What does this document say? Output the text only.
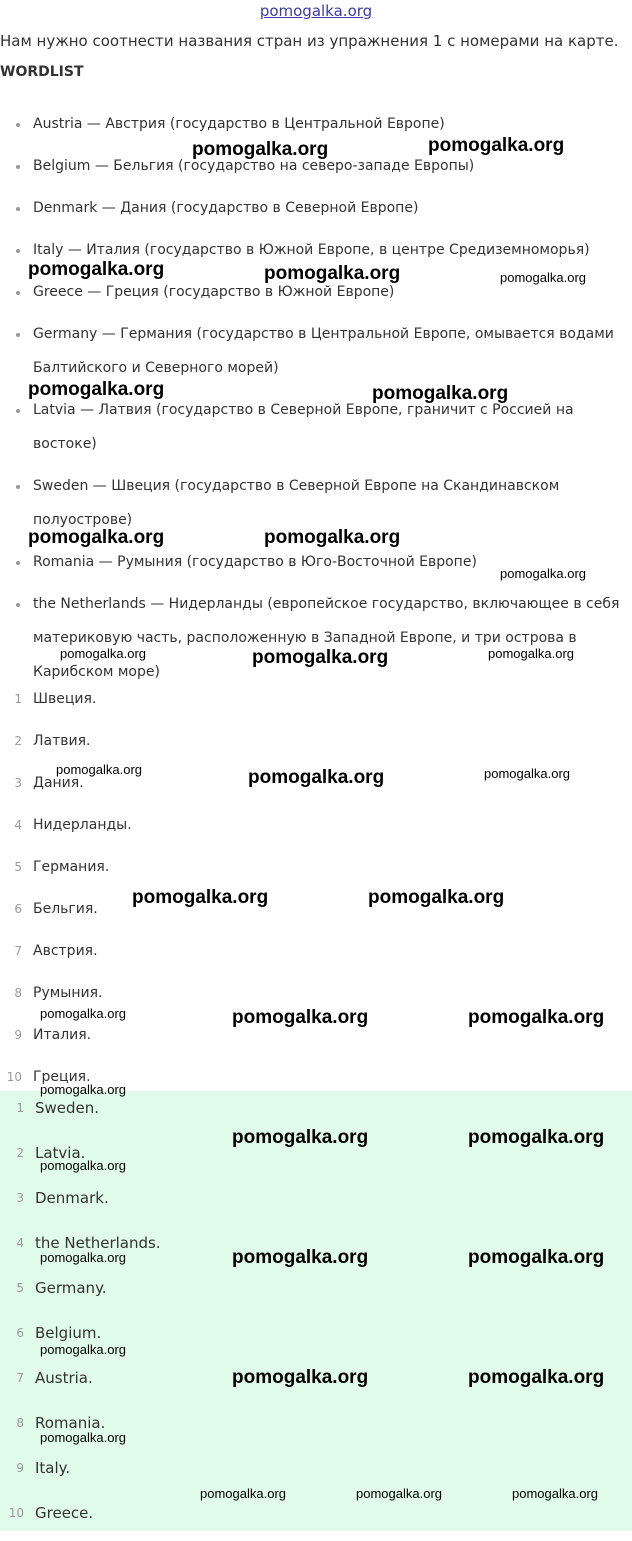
pomogalka.org
Нам нужно соотнести названия стран из упражнения 1 с номерами на карте.
WORDLIST
Austria — Австрия (государство в Центральной Европе)
Belgium — Бельгия (государство на северо-западе Европы)
Denmark — Дания (государство в Северной Европе)
Italy — Италия (государство в Южной Европе, в центре Средиземноморья)
Greece — Греция (государство в Южной Европе)
Germany — Германия (государство в Центральной Европе, омывается водами Балтийского и Северного морей)
Latvia — Латвия (государство в Северной Европе, граничит с Россией на востоке)
Sweden — Швеция (государство в Северной Европе на Скандинавском полуострове)
Romania — Румыния (государство в Юго-Восточной Европе)
the Netherlands — Нидерланды (европейское государство, включающее в себя материковую часть, расположенную в Западной Европе, и три острова в Карибском море)
1 Швеция.
2 Латвия.
3 Дания.
4 Нидерланды.
5 Германия.
6 Бельгия.
7 Австрия.
8 Румыния.
9 Италия.
10 Греция.
1 Sweden.
2 Latvia.
3 Denmark.
4 the Netherlands.
5 Germany.
6 Belgium.
7 Austria.
8 Romania.
9 Italy.
10 Greece.
pomogalka.org	pomogalka.org
pomogalka.org	pomogalka.org	pomogalka.org
pomogalka.org	pomogalka.org
pomogalka.org	pomogalka.org
pomogalka.org
pomogalka.org	pomogalka.org	pomogalka.org
pomogalka.org	pomogalka.org	pomogalka.org
pomogalka.org	pomogalka.org
pomogalka.org	pomogalka.org	pomogalka.org
pomogalka.org
pomogalka.org	pomogalka.org
pomogalka.org
pomogalka.org	pomogalka.org	pomogalka.org
pomogalka.org
pomogalka.org	pomogalka.org
pomogalka.org
pomogalka.org	pomogalka.org	pomogalka.org
